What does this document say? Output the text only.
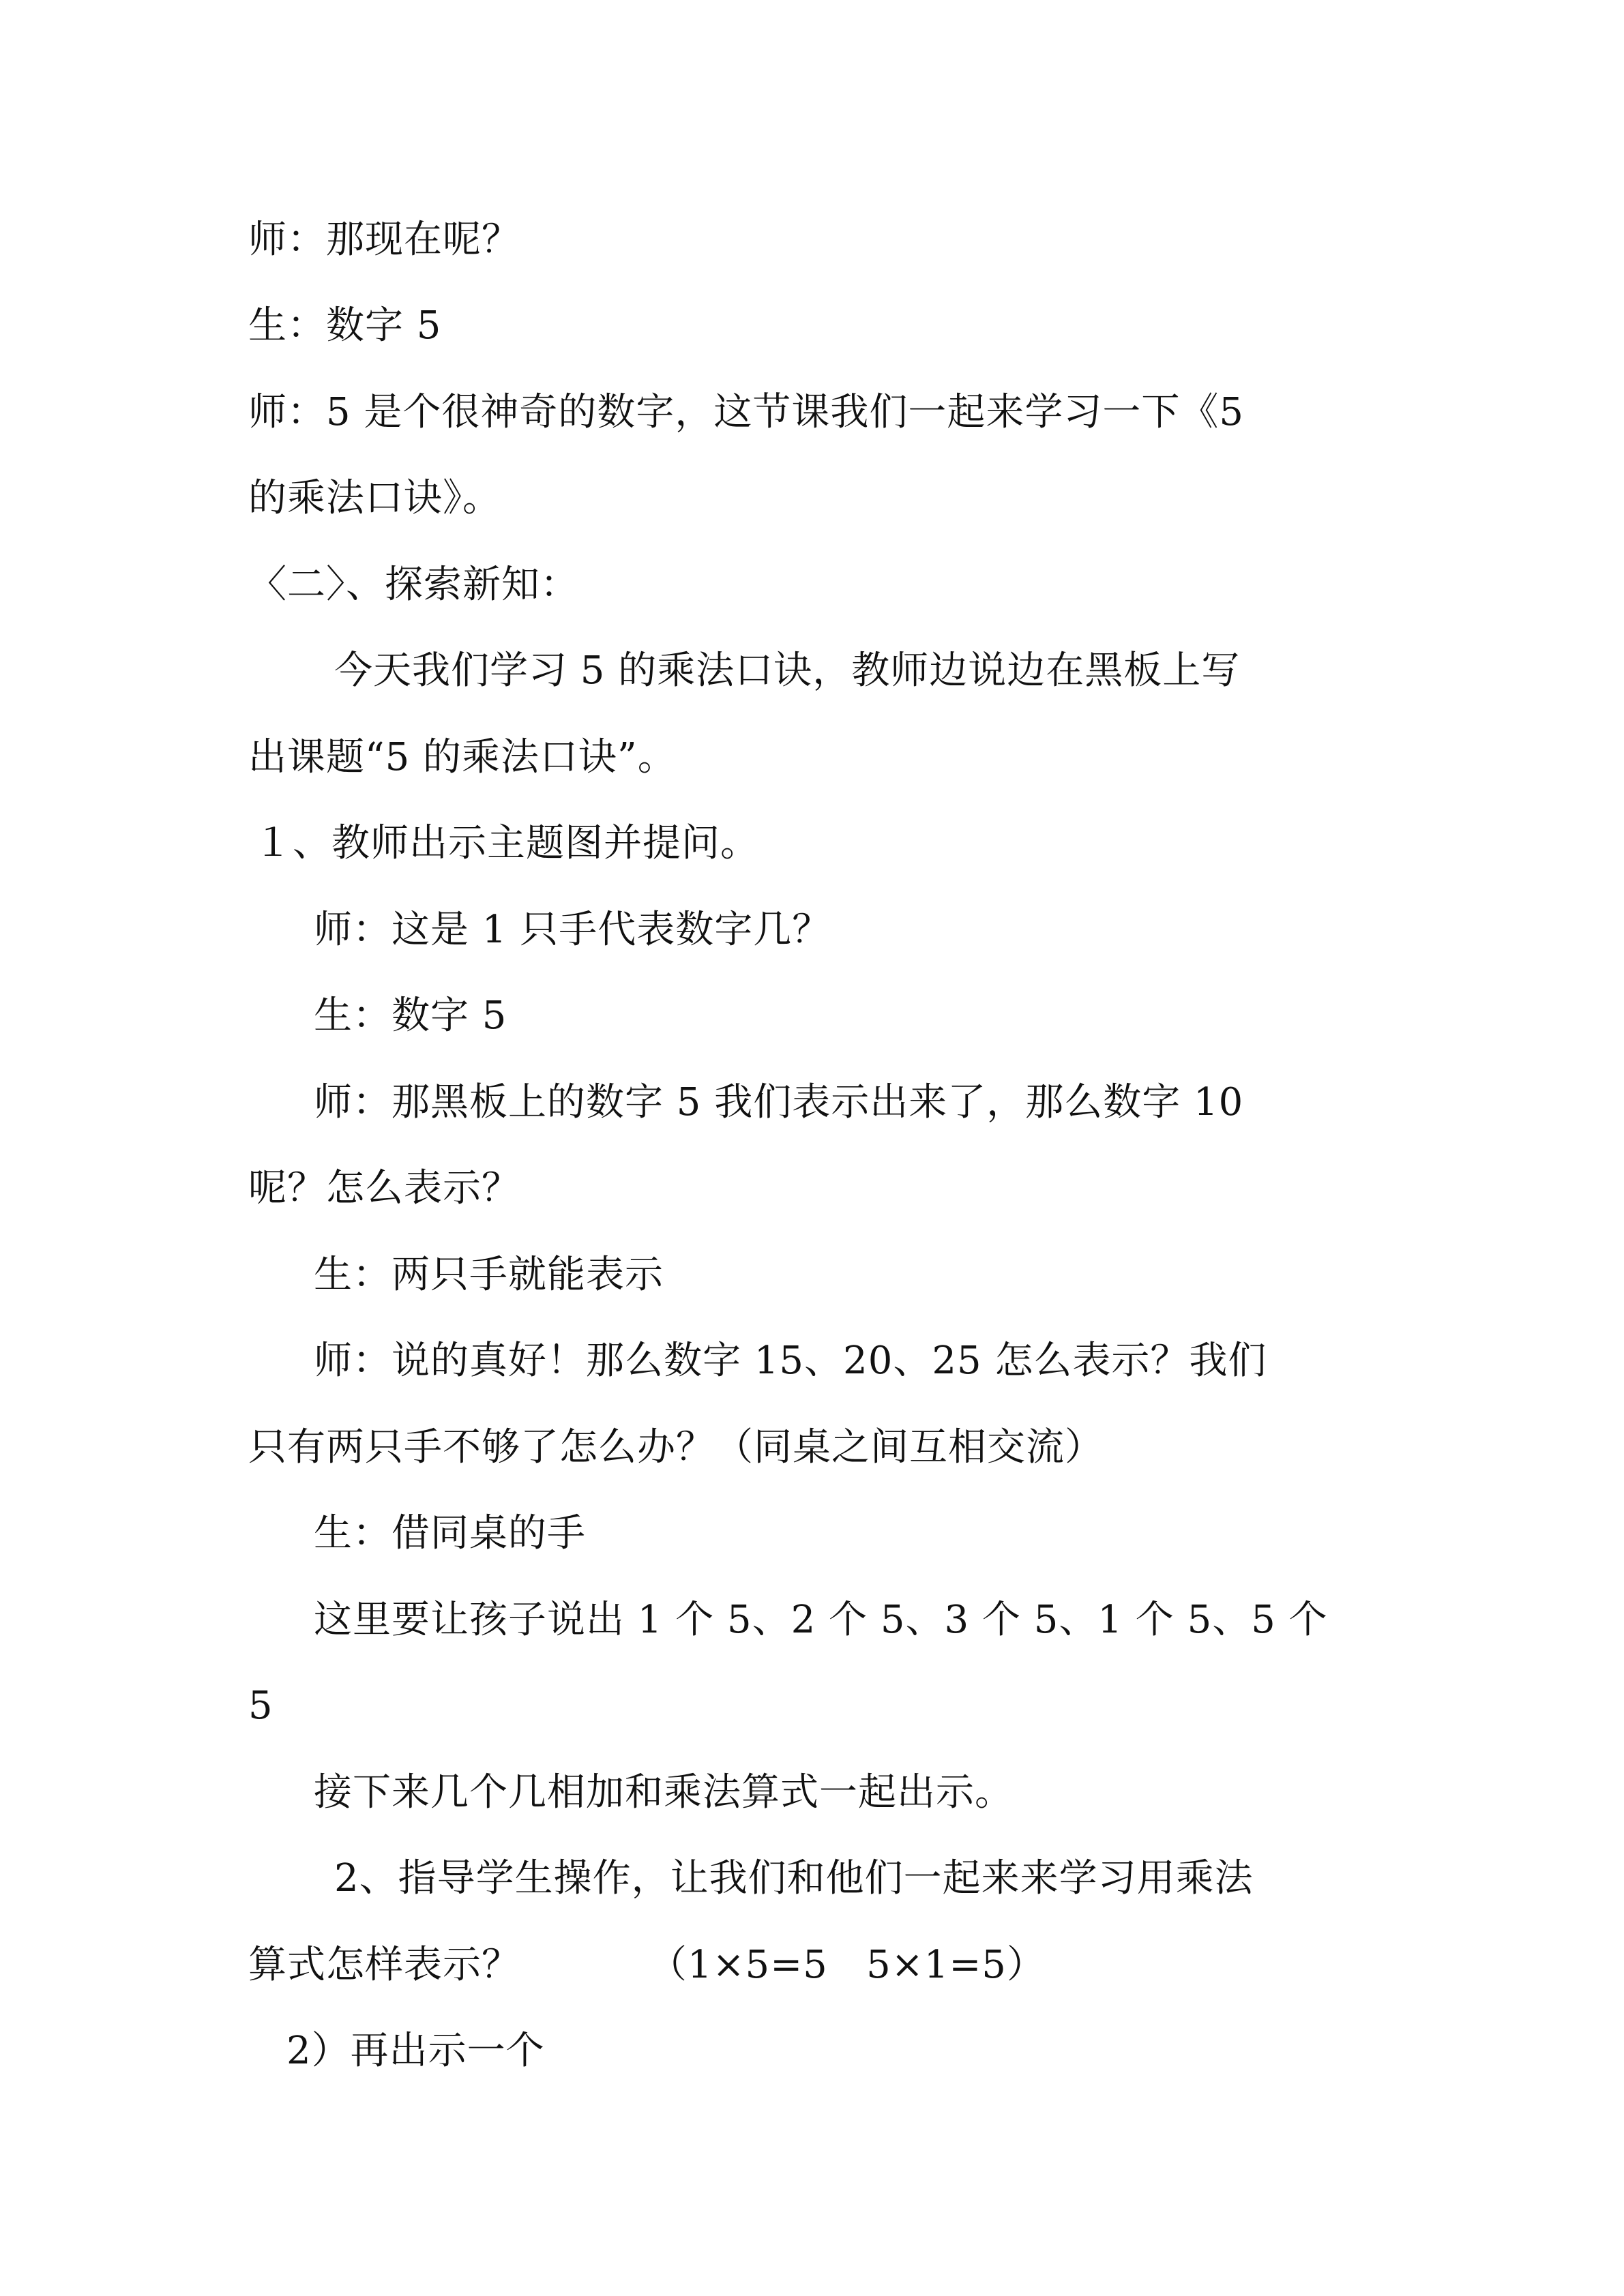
师：那现在呢？
生：数字 5
师：5 是个很神奇的数字，这节课我们一起来学习一下《5
的乘法口诀》。
〈二〉、探索新知：
今天我们学习 5 的乘法口诀，教师边说边在黑板上写
出课题“5 的乘法口诀”。
１、教师出示主题图并提问。
师：这是 1 只手代表数字几？
生：数字 5
师：那黑板上的数字 5 我们表示出来了，那么数字 10
呢？怎么表示？
生：两只手就能表示
师：说的真好！那么数字 15、20、25 怎么表示？我们
只有两只手不够了怎么办？（同桌之间互相交流）
生：借同桌的手
这里要让孩子说出 1 个 5、2 个 5、3 个 5、1 个 5、5 个
5
接下来几个几相加和乘法算式一起出示。
2、指导学生操作，让我们和他们一起来来学习用乘法
算式怎样表示？          （1×5=5   5×1=5）
2）再出示一个
